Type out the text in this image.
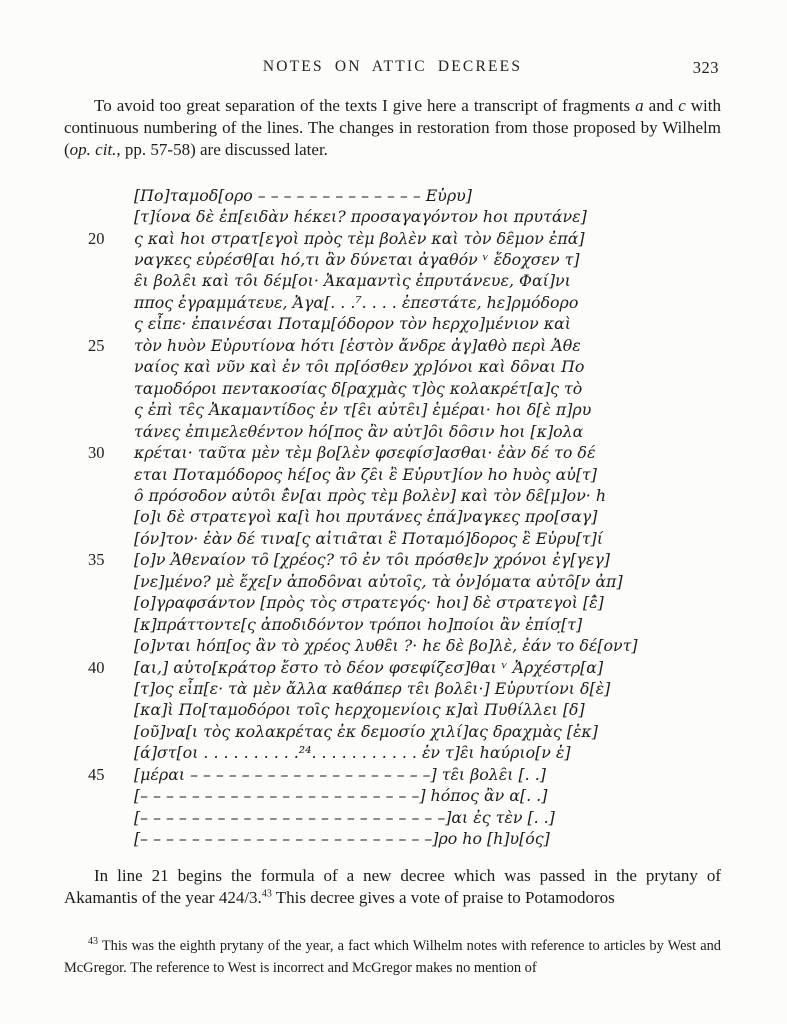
NOTES ON ATTIC DECREES	323

To avoid too great separation of the texts I give here a transcript of fragments a and c with continuous numbering of the lines. The changes in restoration from those proposed by Wilhelm (op. cit., pp. 57-58) are discussed later.

[Πο]ταμοδ[ορο – – – – – – – – – – – – – Εὐρυ]
[τ]ίονα δὲ ἐπ[ειδὰν hέκει? προσαγαγόντον hοι πρυτάνε]
20 ς καὶ hοι στρατ[εγοὶ πρὸς τὲμ βολὲν καὶ τὸν δε̑μον ἐπά]
ναγκες εὑρέσθ[αι hό,τι ἂν δύνεται ἀγαθόν ᵛ ἔδοχσεν τ]
ε̑ι βολε̑ι καὶ το̑ι δέμ[οι· Ἀκαμαντὶς ἐπρυτάνευε, Φαί]νι
ππος ἐγραμμάτευε, Ἀγα[. . .⁷. . . . ἐπεστάτε, hε]ρμόδορο
ς εἶπε· ἐπαινέσαι Ποταμ[όδορον τὸν hερχο]μένιον καὶ
25 τὸν hυὸν Εὐρυτίονα hότι [ἐστὸν ἄνδρε ἀγ]αθὸ περὶ Ἀθε
ναίος καὶ νῦν καὶ ἐν το̑ι πρ[όσθεν χρ]όνοι καὶ δο̑ναι Πο
ταμοδόροι πεντακοσίας δ[ραχμὰς τ]ὸς κολακρέτ[α]ς τὸ
ς ἐπὶ τε̑ς Ἀκαμαντίδος ἐν τ[ε̑ι αὐτε̑ι] ἑμέραι· hοι δ[ὲ π]ρυ
τάνες ἐπιμελεθέντον hό[πος ἂν αὐτ]ο̑ι δο̑σιν hοι [κ]ολα
30 κρέται· ταῦτα μὲν τὲμ βο[λὲν φσεφίσ]ασθαι· ἐὰν δέ το δέ
εται Ποταμόδορος hέ[ος ἂν ζε̑ι ἒ Εὐρυτ]ίον hο hυὸς αὐ[τ]
ο̑ πρόσοδον αὐτο̑ι ἐ̑ν[αι πρὸς τὲμ βολὲν] καὶ τὸν δε̑[μ]ον· h
[ο]ι δὲ στρατεγοὶ κα[ὶ hοι πρυτάνες ἐπά]ναγκες προ[σαγ]
[όν]τον· ἐὰν δέ τινα[ς αἰτια̑ται ἒ Ποταμό]δορος ἒ Εὐρυ[τ]ί
35 [ο]ν Ἀθεναίον το̑ [χρέος? το̑ ἐν το̑ι πρόσθε]ν χρόνοι ἐγ[γεγ]
[νε]μένο? μὲ ἔχε[ν ἀποδο̑ναι αὐτοι̑ς, τὰ ὀν]όματα αὐτο̑[ν ἀπ]
[ο]γραφσάντον [πρὸς τὸς στρατεγός· hοι] δὲ στρατεγοὶ [ἐ̑]
[κ]πράττοντε[ς ἀποδιδόντον τρόποι hο]ποίοι ἂν ἐπίσ̣[τ]
[ο]νται hόπ[ος ἂν τὸ χρέος λυθε̑ι ?· hε δὲ βο]λὲ, ἐάν το δέ[οντ]
40 [αι,] αὐτο[κράτορ ἔστο τὸ δέον φσεφίζεσ]θαι ᵛ Ἀρχέστρ[α]
[τ]ος εἶπ[ε· τὰ μὲν ἄλλα καθάπερ τε̑ι βολε̑ι·] Εὐρυτίονι δ[ὲ]
[κα]ὶ Πο[ταμοδόροι τοι̑ς hερχομενίοις κ]αὶ Πυθίλλει [δ]
[οῦ]να[ι τὸς κολακρέτας ἐκ δεμοσίο χιλί]ας δραχμὰς [ἑκ]
[ά]στ[οι . . . . . . . . . .²⁴. . . . . . . . . . . ἐν τ]ε̑ι hαύριο[ν ἑ]
45 [μέραι – – – – – – – – – – – – – – – – – – –] τε̑ι βολε̑ι [. .]
[– – – – – – – – – – – – – – – – – – – – – –] hόπος ἂν α[. .]
[– – – – – – – – – – – – – – – – – – – – – – – –]αι ἐς τὲν [. .]
[– – – – – – – – – – – – – – – – – – – – – – –]ρο hο [h]υ[ός]

In line 21 begins the formula of a new decree which was passed in the prytany of Akamantis of the year 424/3.43 This decree gives a vote of praise to Potamodoros

$^{43}$ This was the eighth prytany of the year, a fact which Wilhelm notes with reference to articles by West and McGregor. The reference to West is incorrect and McGregor makes no mention of
